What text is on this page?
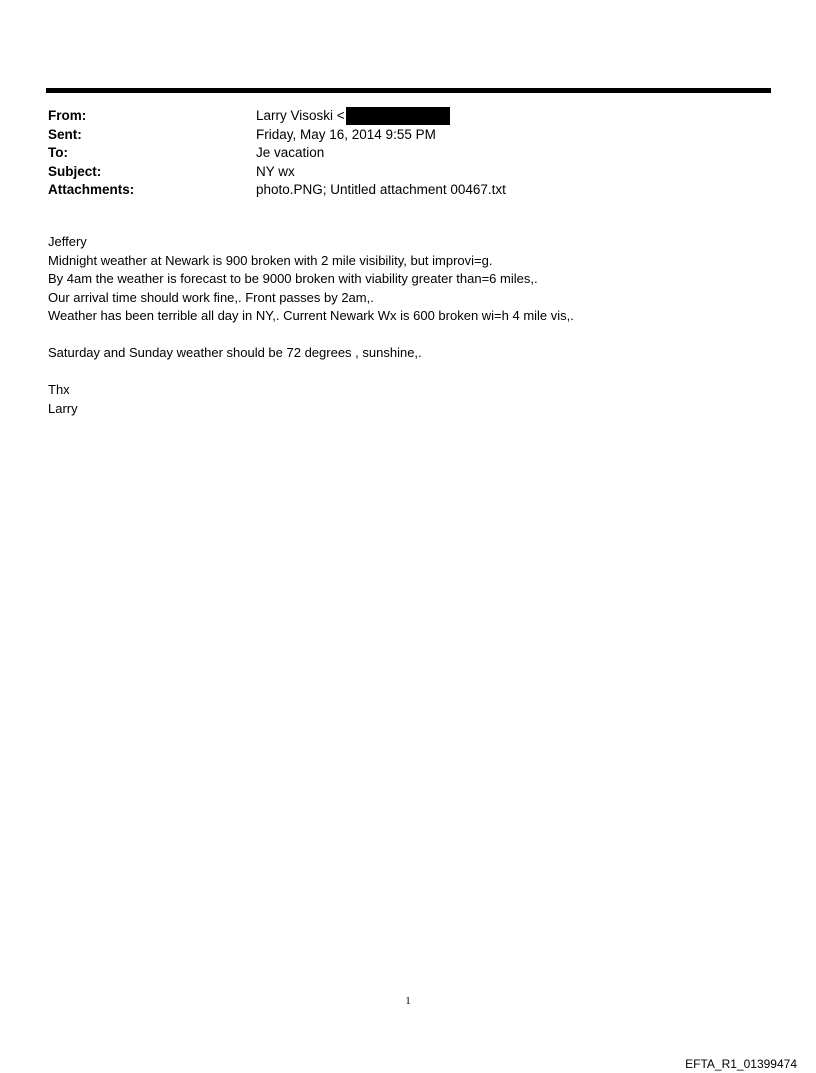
From:	Larry Visoski <
Sent:	Friday, May 16, 2014 9:55 PM
To:	Je vacation
Subject:	NY wx
Attachments:	photo.PNG; Untitled attachment 00467.txt
Jeffery
Midnight weather at Newark is 900 broken with 2 mile visibility, but improvi=g.
By 4am the weather is forecast to be 9000 broken with viability greater than=6 miles,.
Our arrival time should work fine,. Front passes by 2am,.
Weather has been terrible all day in NY,. Current Newark Wx is 600 broken wi=h 4 mile vis,.
Saturday and Sunday weather should be 72 degrees , sunshine,.
Thx
Larry
1
EFTA_R1_01399474
